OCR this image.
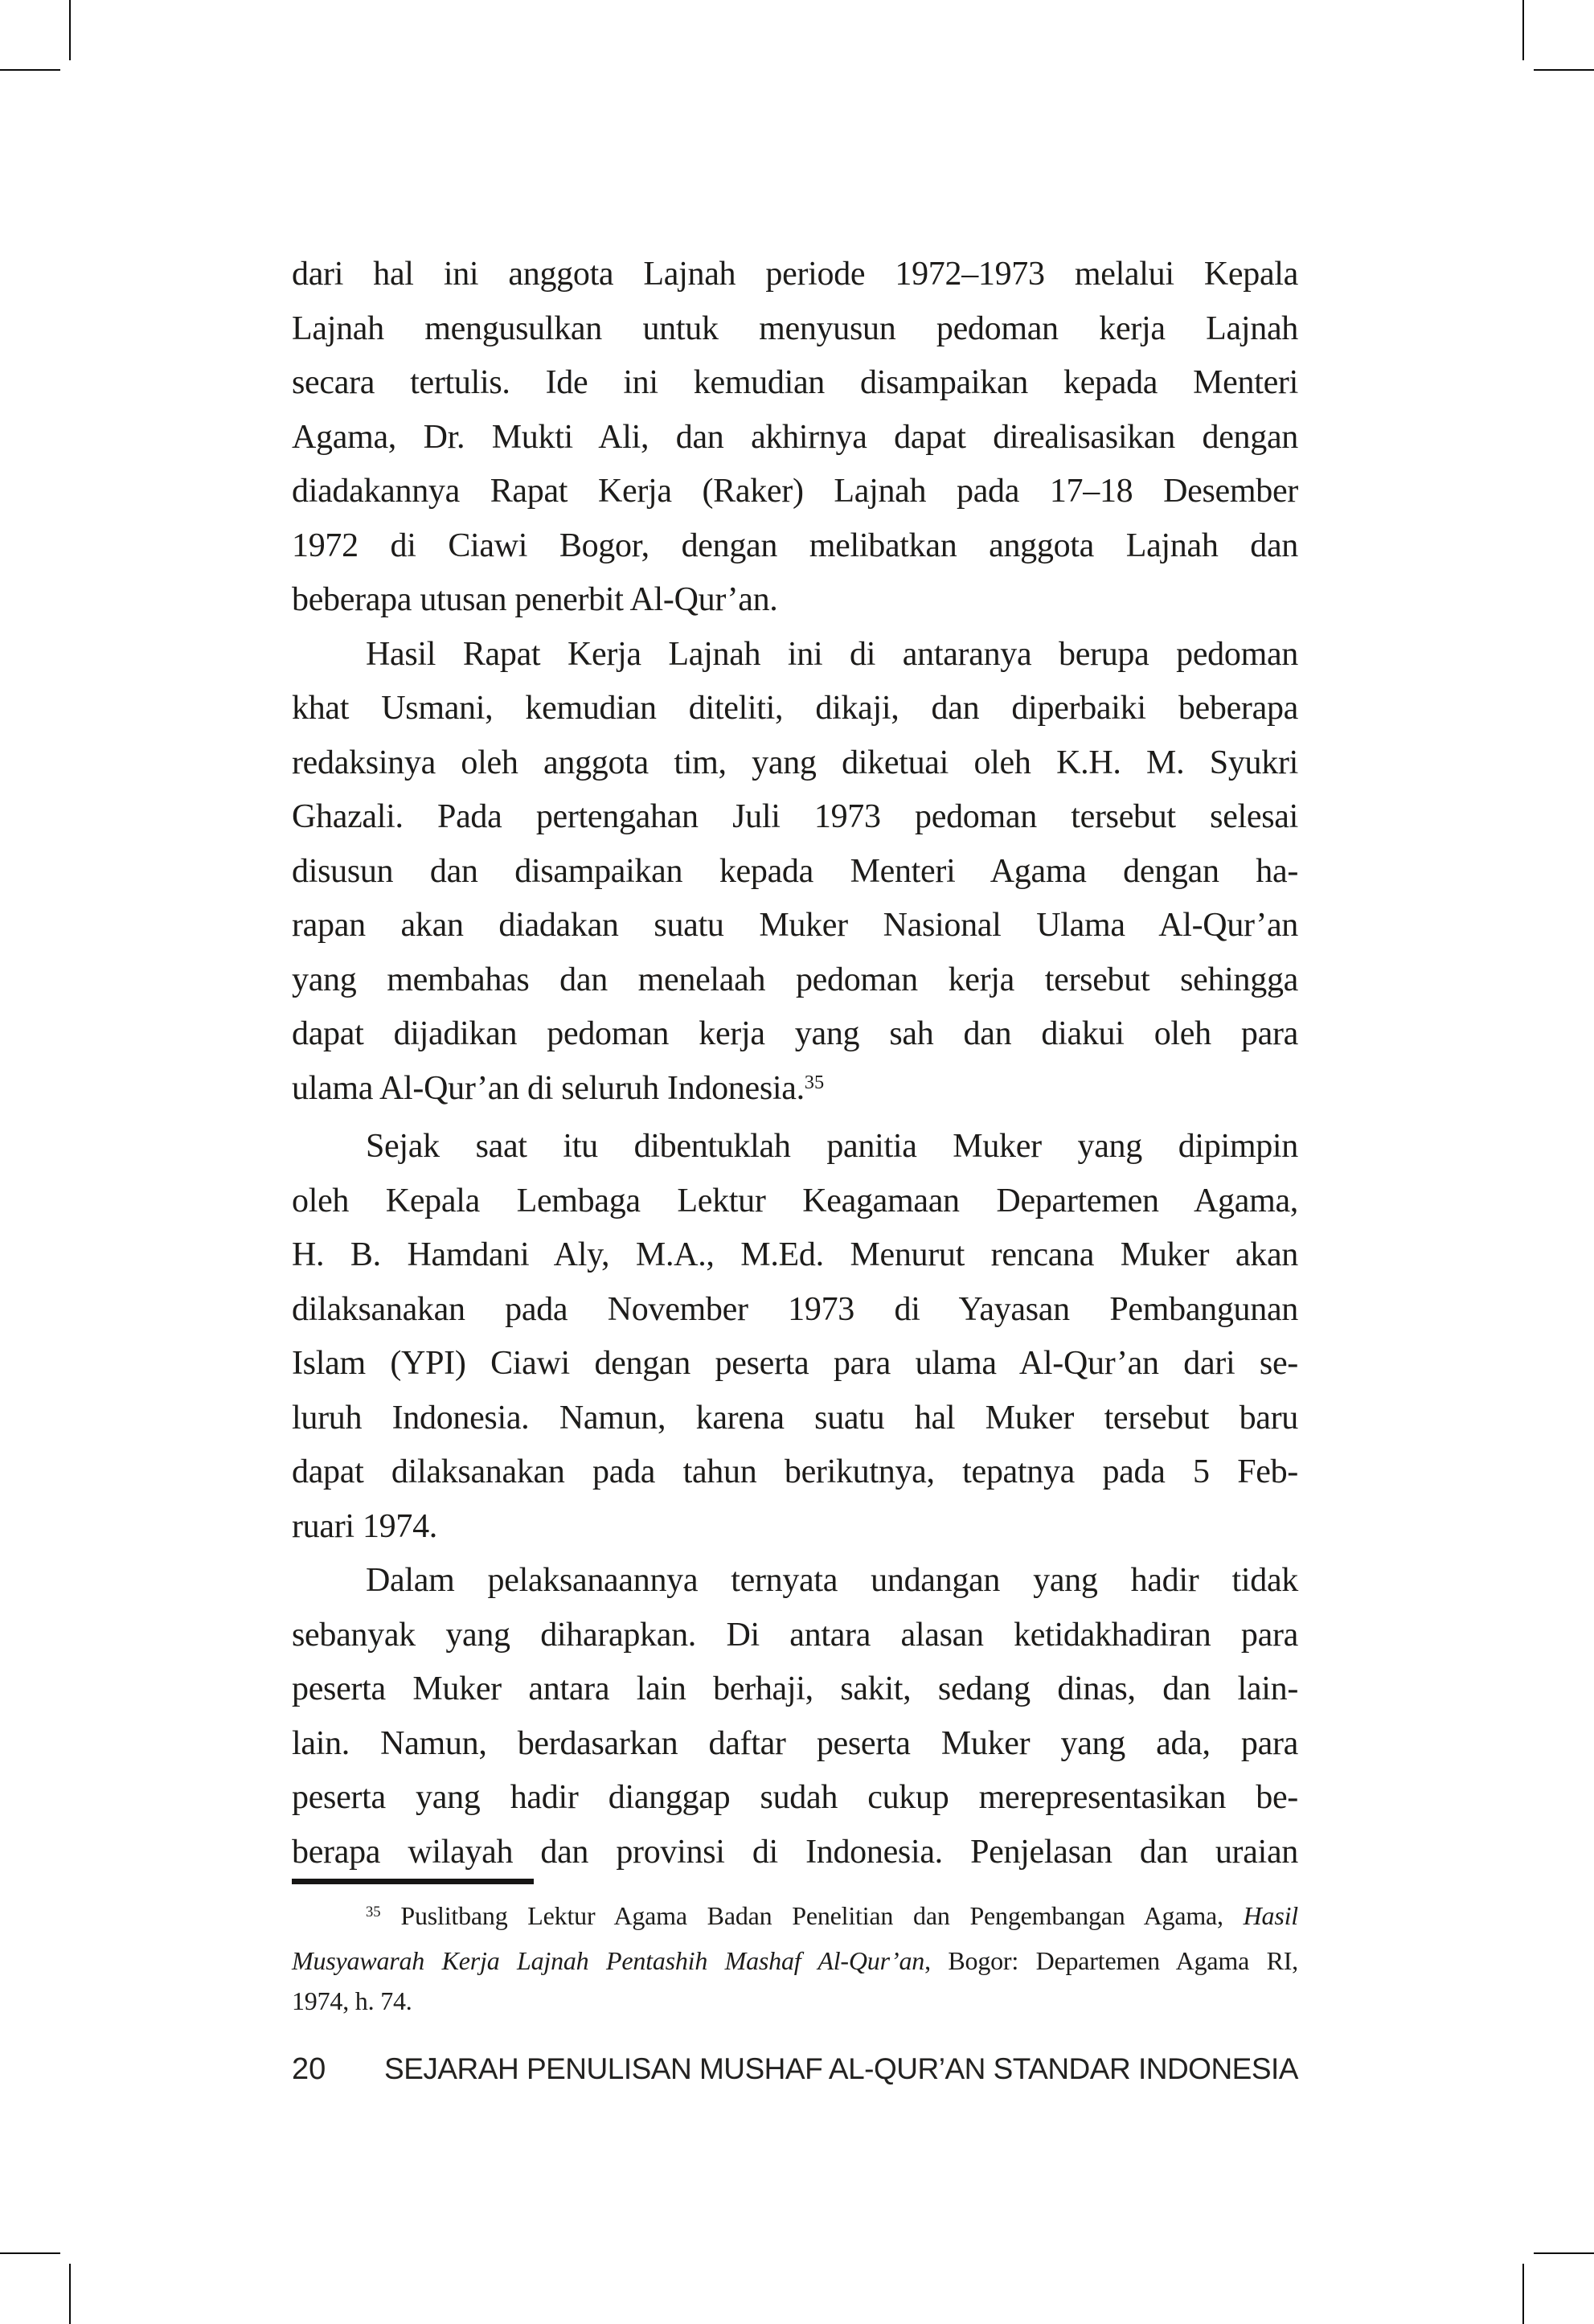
dari hal ini anggota Lajnah periode 1972–1973 melalui Kepala
Lajnah mengusulkan untuk menyusun pedoman kerja Lajnah
secara tertulis. Ide ini kemudian disampaikan kepada Menteri
Agama, Dr. Mukti Ali, dan akhirnya dapat direalisasikan dengan
diadakannya Rapat Kerja (Raker) Lajnah pada 17–18 Desember
1972 di Ciawi Bogor, dengan melibatkan anggota Lajnah dan
beberapa utusan penerbit Al-Qur’an.
Hasil Rapat Kerja Lajnah ini di antaranya berupa pedoman
khat Usmani, kemudian diteliti, dikaji, dan diperbaiki beberapa
redaksinya oleh anggota tim, yang diketuai oleh K.H. M. Syukri
Ghazali. Pada pertengahan Juli 1973 pedoman tersebut selesai
disusun dan disampaikan kepada Menteri Agama dengan ha-
rapan akan diadakan suatu Muker Nasional Ulama Al-Qur’an
yang membahas dan menelaah pedoman kerja tersebut sehingga
dapat dijadikan pedoman kerja yang sah dan diakui oleh para
ulama Al-Qur’an di seluruh Indonesia.$^{35}$
Sejak saat itu dibentuklah panitia Muker yang dipimpin
oleh Kepala Lembaga Lektur Keagamaan Departemen Agama,
H. B. Hamdani Aly, M.A., M.Ed. Menurut rencana Muker akan
dilaksanakan pada November 1973 di Yayasan Pembangunan
Islam (YPI) Ciawi dengan peserta para ulama Al-Qur’an dari se-
luruh Indonesia. Namun, karena suatu hal Muker tersebut baru
dapat dilaksanakan pada tahun berikutnya, tepatnya pada 5 Feb-
ruari 1974.
Dalam pelaksanaannya ternyata undangan yang hadir tidak
sebanyak yang diharapkan. Di antara alasan ketidakhadiran para
peserta Muker antara lain berhaji, sakit, sedang dinas, dan lain-
lain. Namun, berdasarkan daftar peserta Muker yang ada, para
peserta yang hadir dianggap sudah cukup merepresentasikan be-
berapa wilayah dan provinsi di Indonesia. Penjelasan dan uraian
$^{35}$ Puslitbang Lektur Agama Badan Penelitian dan Pengembangan Agama, Hasil
Musyawarah Kerja Lajnah Pentashih Mashaf Al-Qur’an, Bogor: Departemen Agama RI,
1974, h. 74.
20 SEJARAH PENULISAN MUSHAF AL-QUR’AN STANDAR INDONESIA
